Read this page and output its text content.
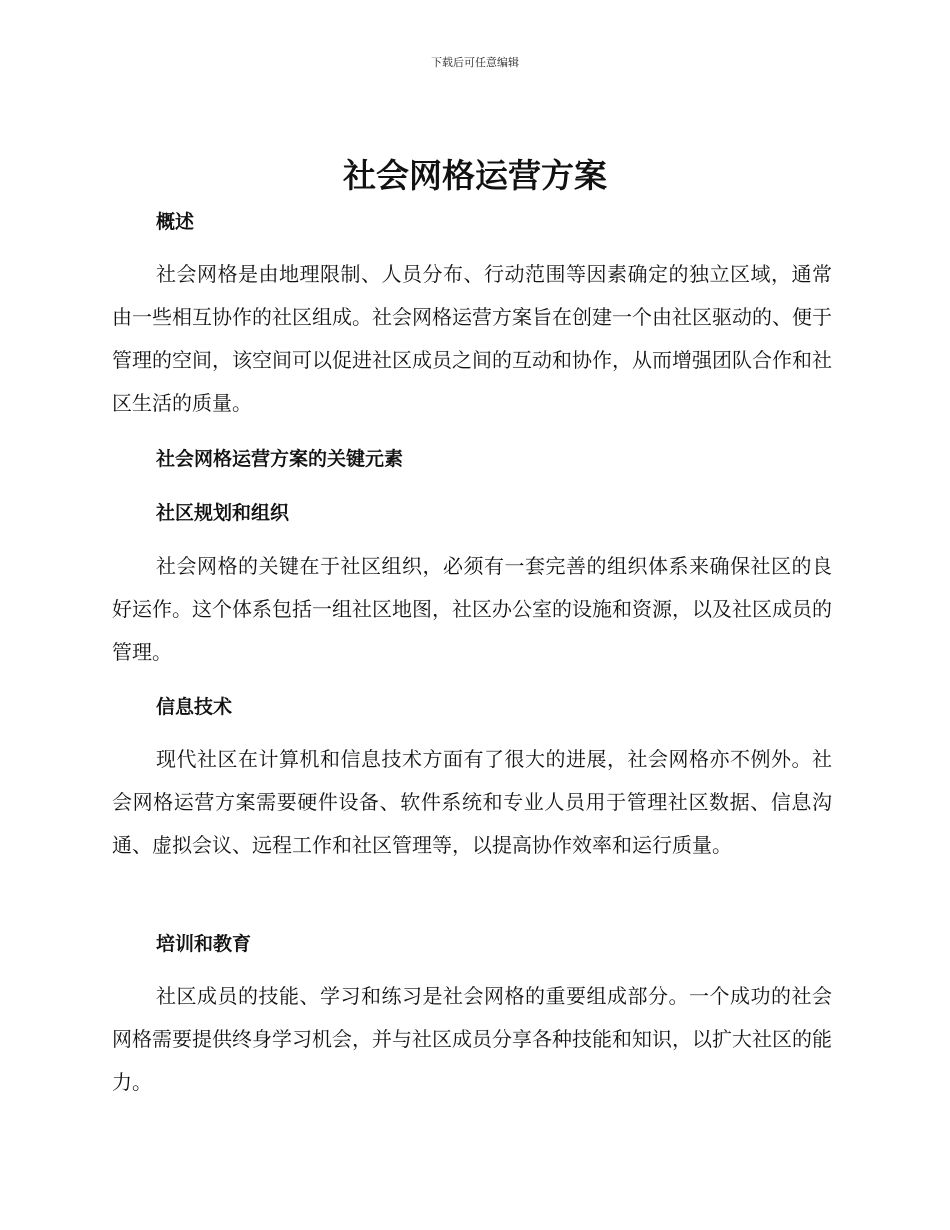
下载后可任意编辑
社会网格运营方案
概述
社会网格是由地理限制、人员分布、行动范围等因素确定的独立区域，通常由一些相互协作的社区组成。社会网格运营方案旨在创建一个由社区驱动的、便于管理的空间，该空间可以促进社区成员之间的互动和协作，从而增强团队合作和社区生活的质量。
社会网格运营方案的关键元素
社区规划和组织
社会网格的关键在于社区组织，必须有一套完善的组织体系来确保社区的良好运作。这个体系包括一组社区地图，社区办公室的设施和资源，以及社区成员的管理。
信息技术
现代社区在计算机和信息技术方面有了很大的进展，社会网格亦不例外。社会网格运营方案需要硬件设备、软件系统和专业人员用于管理社区数据、信息沟通、虚拟会议、远程工作和社区管理等，以提高协作效率和运行质量。
培训和教育
社区成员的技能、学习和练习是社会网格的重要组成部分。一个成功的社会网格需要提供终身学习机会，并与社区成员分享各种技能和知识，以扩大社区的能力。
